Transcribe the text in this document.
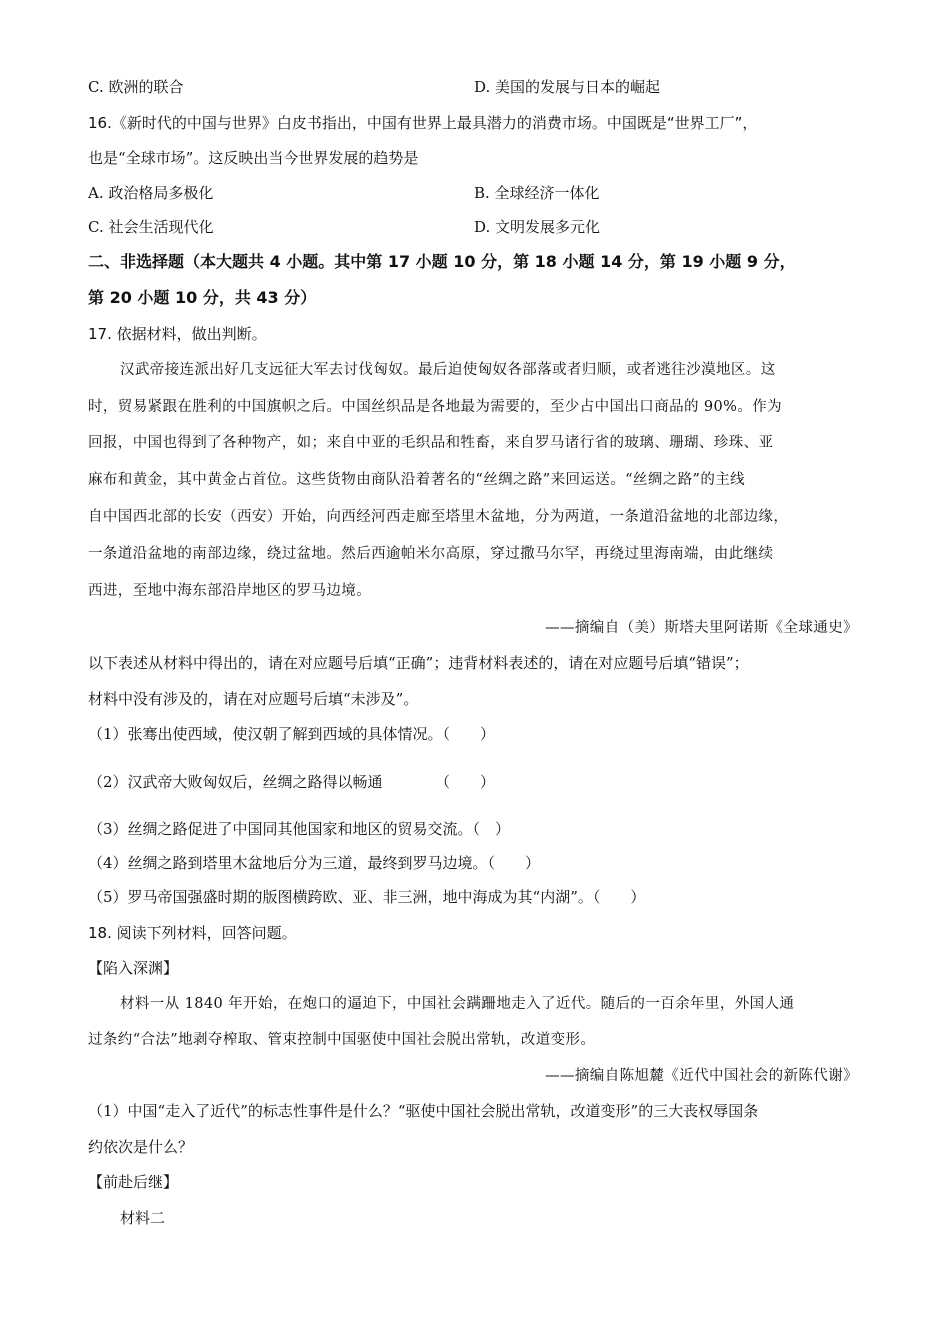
C. 欧洲的联合	D. 美国的发展与日本的崛起
16.《新时代的中国与世界》白皮书指出，中国有世界上最具潜力的消费市场。中国既是“世界工厂”，
也是“全球市场”。这反映出当今世界发展的趋势是
A. 政治格局多极化	B. 全球经济一体化
C. 社会生活现代化	D. 文明发展多元化
二、非选择题（本大题共 4 小题。其中第 17 小题 10 分，第 18 小题 14 分，第 19 小题 9 分，
第 20 小题 10 分，共 43 分）
17. 依据材料，做出判断。
汉武帝接连派出好几支远征大军去讨伐匈奴。最后迫使匈奴各部落或者归顺，或者逃往沙漠地区。这
时，贸易紧跟在胜利的中国旗帜之后。中国丝织品是各地最为需要的，至少占中国出口商品的 90%。作为
回报，中国也得到了各种物产，如；来自中亚的毛织品和牲畜，来自罗马诸行省的玻璃、珊瑚、珍珠、亚
麻布和黄金，其中黄金占首位。这些货物由商队沿着著名的“丝绸之路”来回运送。“丝绸之路”的主线
自中国西北部的长安（西安）开始，向西经河西走廊至塔里木盆地，分为两道，一条道沿盆地的北部边缘，
一条道沿盆地的南部边缘，绕过盆地。然后西逾帕米尔高原，穿过撒马尔罕，再绕过里海南端，由此继续
西进，至地中海东部沿岸地区的罗马边境。
——摘编自（美）斯塔夫里阿诺斯《全球通史》
以下表述从材料中得出的，请在对应题号后填“正确”；违背材料表述的，请在对应题号后填“错误”；
材料中没有涉及的，请在对应题号后填“未涉及”。
（1）张骞出使西域，使汉朝了解到西域的具体情况。（　　）
（2）汉武帝大败匈奴后，丝绸之路得以畅通　　　　（　　）
（3）丝绸之路促进了中国同其他国家和地区的贸易交流。（　）
（4）丝绸之路到塔里木盆地后分为三道，最终到罗马边境。（　　）
（5）罗马帝国强盛时期的版图横跨欧、亚、非三洲，地中海成为其“内湖”。（　　）
18. 阅读下列材料，回答问题。
【陷入深渊】
材料一从 1840 年开始，在炮口的逼迫下，中国社会蹒跚地走入了近代。随后的一百余年里，外国人通
过条约“合法”地剥夺榨取、管束控制中国驱使中国社会脱出常轨，改道变形。
——摘编自陈旭麓《近代中国社会的新陈代谢》
（1）中国“走入了近代”的标志性事件是什么？“驱使中国社会脱出常轨，改道变形”的三大丧权辱国条
约依次是什么？
【前赴后继】
材料二
